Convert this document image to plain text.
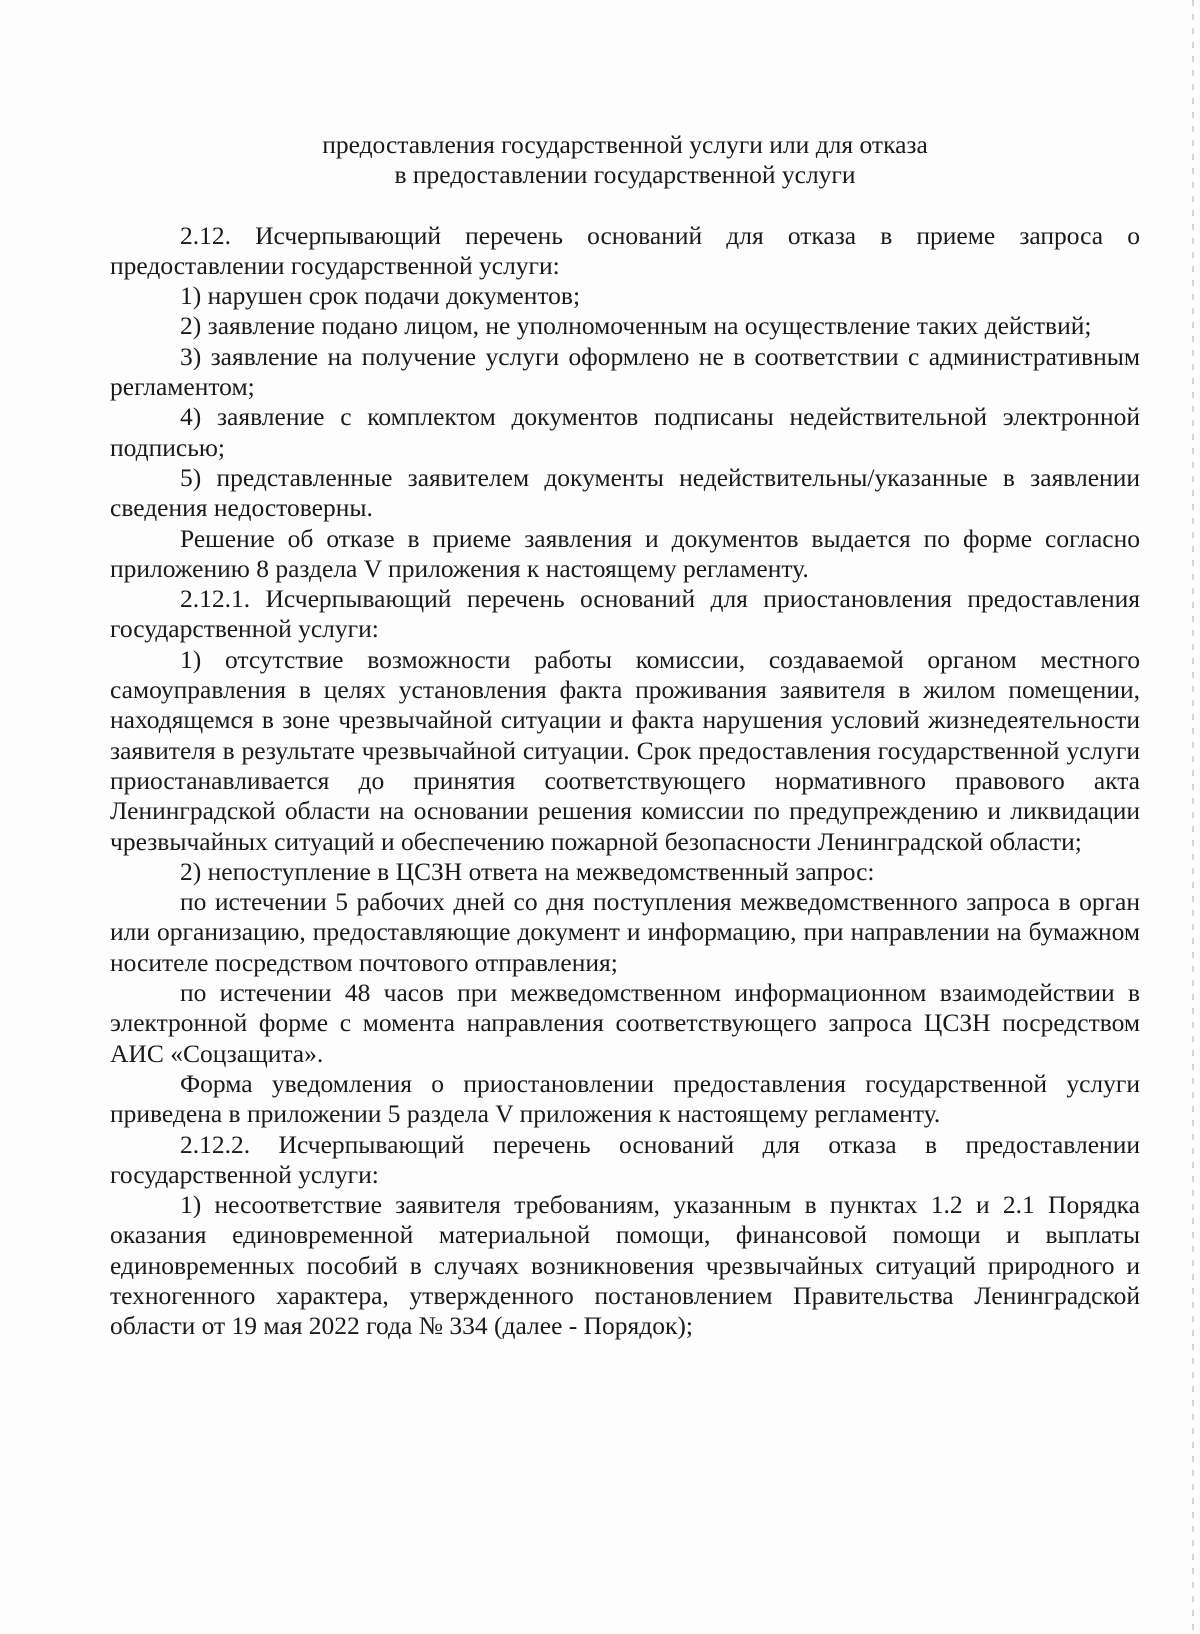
предоставления государственной услуги или для отказа
в предоставлении государственной услуги

2.12. Исчерпывающий перечень оснований для отказа в приеме запроса о предоставлении государственной услуги:

1) нарушен срок подачи документов;

2) заявление подано лицом, не уполномоченным на осуществление таких действий;

3) заявление на получение услуги оформлено не в соответствии с административным регламентом;

4) заявление с комплектом документов подписаны недействительной электронной подписью;

5) представленные заявителем документы недействительны/указанные в заявлении сведения недостоверны.

Решение об отказе в приеме заявления и документов выдается по форме согласно приложению 8 раздела V приложения к настоящему регламенту.

2.12.1. Исчерпывающий перечень оснований для приостановления предоставления государственной услуги:

1) отсутствие возможности работы комиссии, создаваемой органом местного самоуправления в целях установления факта проживания заявителя в жилом помещении, находящемся в зоне чрезвычайной ситуации и факта нарушения условий жизнедеятельности заявителя в результате чрезвычайной ситуации. Срок предоставления государственной услуги приостанавливается до принятия соответствующего нормативного правового акта Ленинградской области на основании решения комиссии по предупреждению и ликвидации чрезвычайных ситуаций и обеспечению пожарной безопасности Ленинградской области;

2) непоступление в ЦСЗН ответа на межведомственный запрос:

по истечении 5 рабочих дней со дня поступления межведомственного запроса в орган или организацию, предоставляющие документ и информацию, при направлении на бумажном носителе посредством почтового отправления;

по истечении 48 часов при межведомственном информационном взаимодействии в электронной форме с момента направления соответствующего запроса ЦСЗН посредством АИС «Соцзащита».

Форма уведомления о приостановлении предоставления государственной услуги приведена в приложении 5 раздела V приложения к настоящему регламенту.

2.12.2. Исчерпывающий перечень оснований для отказа в предоставлении государственной услуги:

1) несоответствие заявителя требованиям, указанным в пунктах 1.2 и 2.1 Порядка оказания единовременной материальной помощи, финансовой помощи и выплаты единовременных пособий в случаях возникновения чрезвычайных ситуаций природного и техногенного характера, утвержденного постановлением Правительства Ленинградской области от 19 мая 2022 года № 334 (далее - Порядок);
